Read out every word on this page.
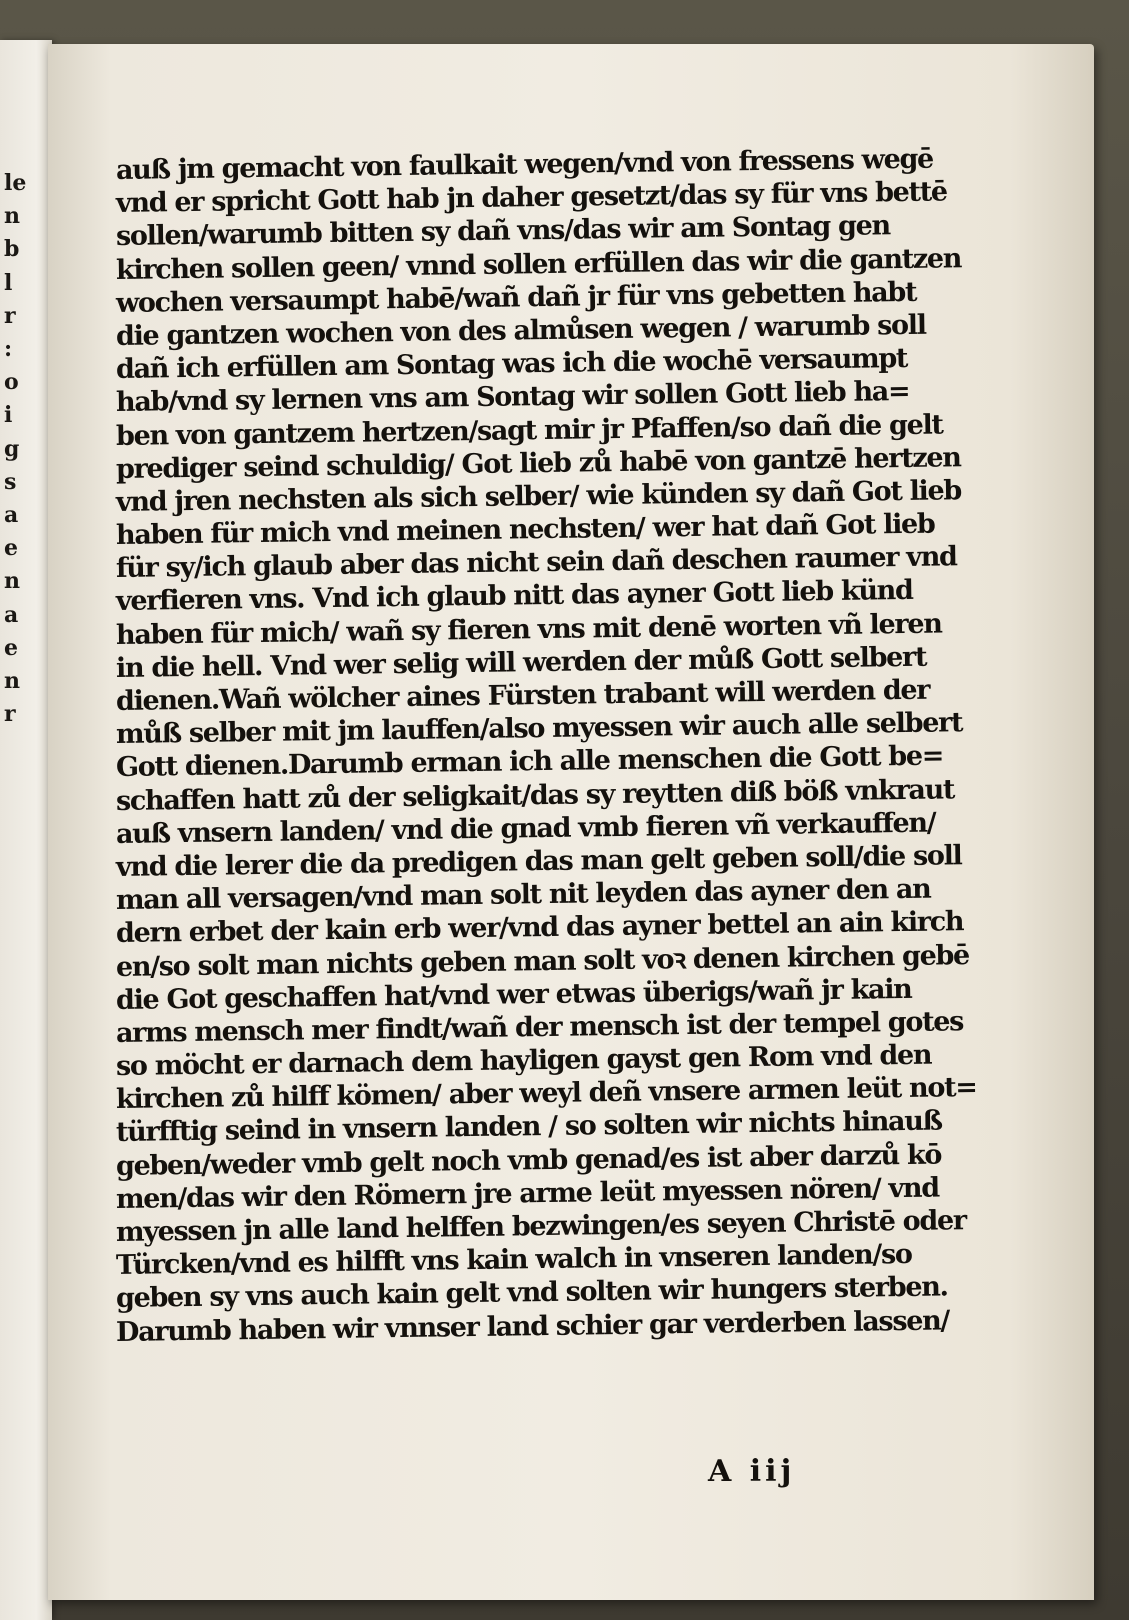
le
n
b
l
r
:
o
i
g
s
a
e
n
a
e
n
r
auß jm gemacht von faulkait wegen/vnd von fressens wegē
vnd er spricht Gott hab jn daher gesetzt/das sy für vns bettē
sollen/warumb bitten sy dañ vns/das wir am Sontag gen
kirchen sollen geen/ vnnd sollen erfüllen das wir die gantzen
wochen versaumpt habē/wañ dañ jr für vns gebetten habt
die gantzen wochen von des almůsen wegen / warumb soll
dañ ich erfüllen am Sontag was ich die wochē versaumpt
hab/vnd sy lernen vns am Sontag wir sollen Gott lieb ha=
ben von gantzem hertzen/sagt mir jr Pfaffen/so dañ die gelt
prediger seind schuldig/ Got lieb zů habē von gantzē hertzen
vnd jren nechsten als sich selber/ wie künden sy dañ Got lieb
haben für mich vnd meinen nechsten/ wer hat dañ Got lieb
für sy/ich glaub aber das nicht sein dañ deschen raumer vnd
verfieren vns. Vnd ich glaub nitt das ayner Gott lieb künd
haben für mich/ wañ sy fieren vns mit denē worten vñ leren
in die hell. Vnd wer selig will werden der můß Gott selbert
dienen.Wañ wölcher aines Fürsten trabant will werden der
můß selber mit jm lauffen/also myessen wir auch alle selbert
Gott dienen.Darumb erman ich alle menschen die Gott be=
schaffen hatt zů der seligkait/das sy reytten diß böß vnkraut
auß vnsern landen/ vnd die gnad vmb fieren vñ verkauffen/
vnd die lerer die da predigen das man gelt geben soll/die soll
man all versagen/vnd man solt nit leyden das ayner den an
dern erbet der kain erb wer/vnd das ayner bettel an ain kirch
en/so solt man nichts geben man solt voꝛ denen kirchen gebē
die Got geschaffen hat/vnd wer etwas überigs/wañ jr kain
arms mensch mer findt/wañ der mensch ist der tempel gotes
so möcht er darnach dem hayligen gayst gen Rom vnd den
kirchen zů hilff kömen/ aber weyl deñ vnsere armen leüt not=
türfftig seind in vnsern landen / so solten wir nichts hinauß
geben/weder vmb gelt noch vmb genad/es ist aber darzů kō
men/das wir den Römern jre arme leüt myessen nören/ vnd
myessen jn alle land helffen bezwingen/es seyen Christē oder
Türcken/vnd es hilfft vns kain walch in vnseren landen/so
geben sy vns auch kain gelt vnd solten wir hungers sterben.
Darumb haben wir vnnser land schier gar verderben lassen/
A iij
